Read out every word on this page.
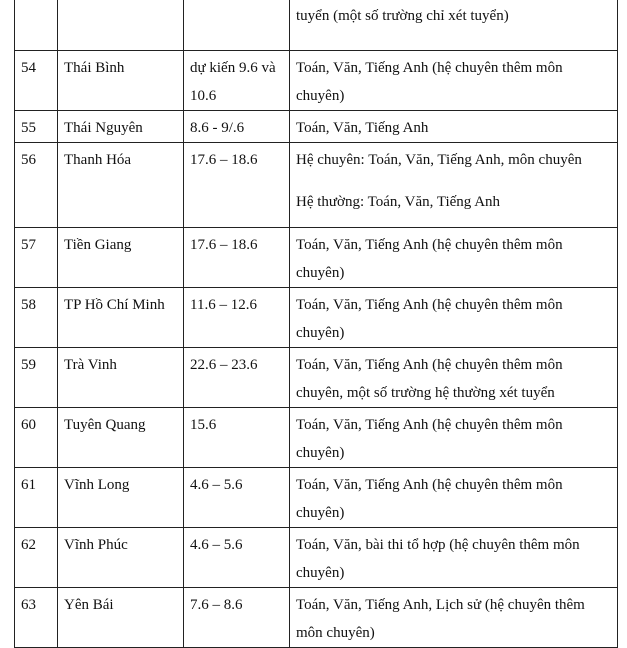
			tuyển (một số trường chỉ xét tuyển)
54	Thái Bình	dự kiến 9.6 và 10.6	Toán, Văn, Tiếng Anh (hệ chuyên thêm môn chuyên)

55	Thái Nguyên	8.6 - 9/.6	Toán, Văn, Tiếng Anh

56	Thanh Hóa	17.6 – 18.6	Hệ chuyên: Toán, Văn, Tiếng Anh, môn chuyên
Hệ thường: Toán, Văn, Tiếng Anh

57	Tiền Giang	17.6 – 18.6	Toán, Văn, Tiếng Anh (hệ chuyên thêm môn chuyên)

58	TP Hồ Chí Minh	11.6 – 12.6	Toán, Văn, Tiếng Anh (hệ chuyên thêm môn chuyên)

59	Trà Vinh	22.6 – 23.6	Toán, Văn, Tiếng Anh (hệ chuyên thêm môn chuyên, một số trường hệ thường xét tuyển

60	Tuyên Quang	15.6	Toán, Văn, Tiếng Anh (hệ chuyên thêm môn chuyên)

61	Vĩnh Long	4.6 – 5.6	Toán, Văn, Tiếng Anh (hệ chuyên thêm môn chuyên)

62	Vĩnh Phúc	4.6 – 5.6	Toán, Văn, bài thi tổ hợp (hệ chuyên thêm môn chuyên)

63	Yên Bái	7.6 – 8.6	Toán, Văn, Tiếng Anh, Lịch sử (hệ chuyên thêm môn chuyên)
